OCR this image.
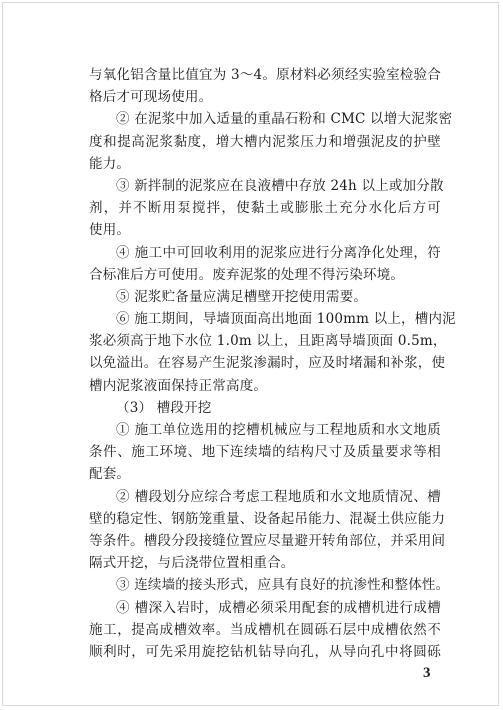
与氧化铝含量比值宜为 3～4。原材料必须经实验室检验合
格后才可现场使用。
② 在泥浆中加入适量的重晶石粉和 CMC 以增大泥浆密
度和提高泥浆黏度，增大槽内泥浆压力和增强泥皮的护壁
能力。
③ 新拌制的泥浆应在良液槽中存放 24h 以上或加分散
剂，并不断用泵搅拌，使黏土或膨胀土充分水化后方可
使用。
④ 施工中可回收利用的泥浆应进行分离净化处理，符
合标准后方可使用。废弃泥浆的处理不得污染环境。
⑤ 泥浆贮备量应满足槽壁开挖使用需要。
⑥ 施工期间，导墙顶面高出地面 100mm 以上，槽内泥
浆必须高于地下水位 1.0m 以上，且距离导墙顶面 0.5m，
以免溢出。在容易产生泥浆渗漏时，应及时堵漏和补浆，使
槽内泥浆液面保持正常高度。
（3） 槽段开挖
① 施工单位选用的挖槽机械应与工程地质和水文地质
条件、施工环境、地下连续墙的结构尺寸及质量要求等相
配套。
② 槽段划分应综合考虑工程地质和水文地质情况、槽
壁的稳定性、钢筋笼重量、设备起吊能力、混凝土供应能力
等条件。槽段分段接缝位置应尽量避开转角部位，并采用间
隔式开挖，与后浇带位置相重合。
③ 连续墙的接头形式，应具有良好的抗渗性和整体性。
④ 槽深入岩时，成槽必须采用配套的成槽机进行成槽
施工，提高成槽效率。当成槽机在圆砾石层中成槽依然不
顺利时，可先采用旋挖钻机钻导向孔，从导向孔中将圆砾
3
